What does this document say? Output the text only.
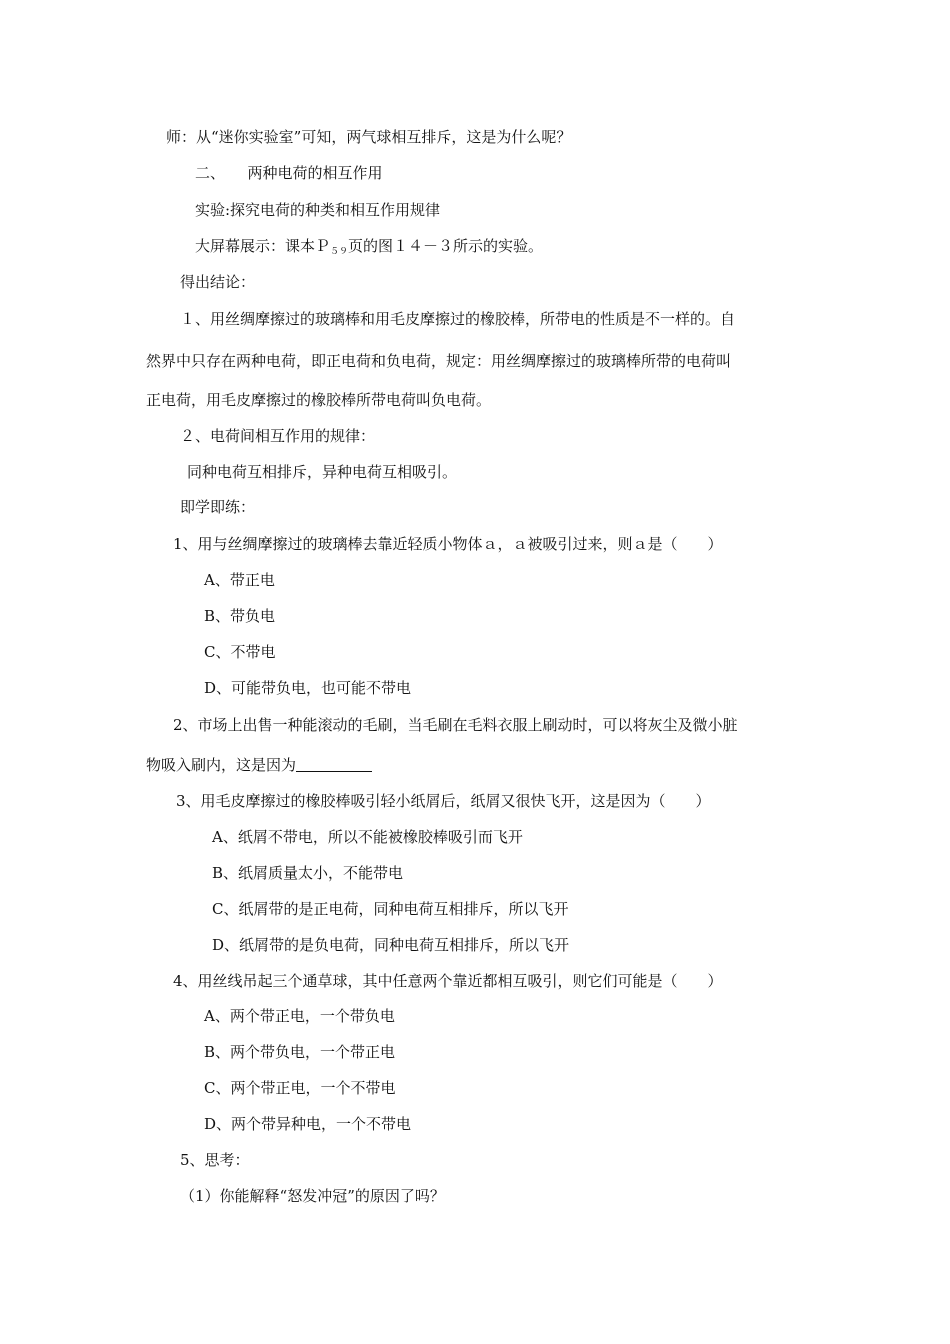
师：从“迷你实验室”可知，两气球相互排斥，这是为什么呢？
二、　　两种电荷的相互作用
实验:探究电荷的种类和相互作用规律
大屏幕展示：课本Ｐ$_{59}$页的图１４－３所示的实验。
得出结论：
１、用丝绸摩擦过的玻璃棒和用毛皮摩擦过的橡胶棒，所带电的性质是不一样的。自
然界中只存在两种电荷，即正电荷和负电荷，规定：用丝绸摩擦过的玻璃棒所带的电荷叫
正电荷，用毛皮摩擦过的橡胶棒所带电荷叫负电荷。
２、电荷间相互作用的规律：
同种电荷互相排斥，异种电荷互相吸引。
即学即练：
1、用与丝绸摩擦过的玻璃棒去靠近轻质小物体ａ，ａ被吸引过来，则ａ是（　　）
A、带正电
B、带负电
C、不带电
D、可能带负电，也可能不带电
2、市场上出售一种能滚动的毛刷，当毛刷在毛料衣服上刷动时，可以将灰尘及微小脏
物吸入刷内，这是因为
3、用毛皮摩擦过的橡胶棒吸引轻小纸屑后，纸屑又很快飞开，这是因为（　　）
A、纸屑不带电，所以不能被橡胶棒吸引而飞开
B、纸屑质量太小，不能带电
C、纸屑带的是正电荷，同种电荷互相排斥，所以飞开
D、纸屑带的是负电荷，同种电荷互相排斥，所以飞开
4、用丝线吊起三个通草球，其中任意两个靠近都相互吸引，则它们可能是（　　）
A、两个带正电，一个带负电
B、两个带负电，一个带正电
C、两个带正电，一个不带电
D、两个带异种电，一个不带电
5、思考：
（1）你能解释“怒发冲冠”的原因了吗？
